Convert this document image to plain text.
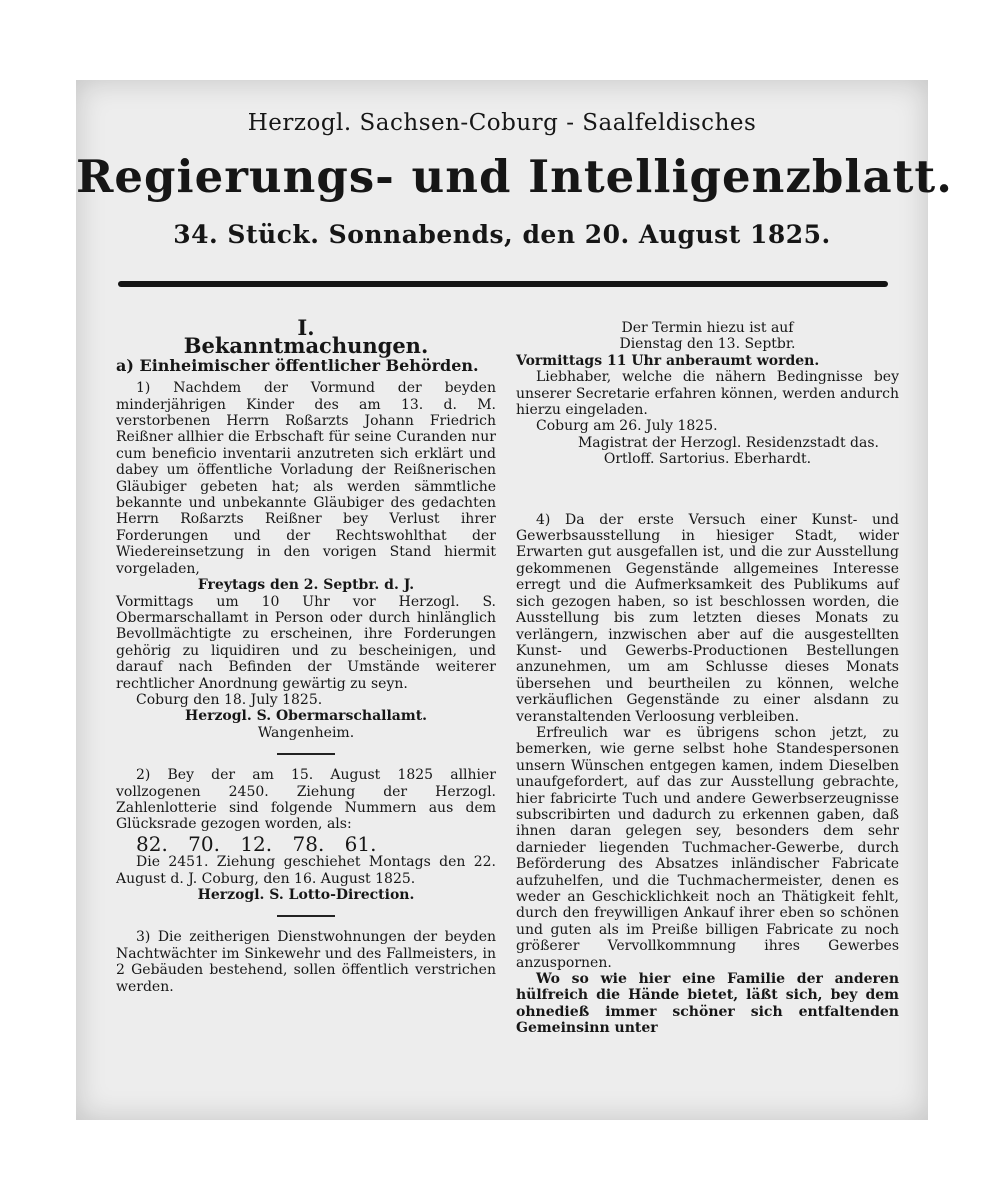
Herzogl. Sachsen-Coburg - Saalfeldisches
Regierungs- und Intelligenzblatt.
34. Stück. Sonnabends, den 20. August 1825.
I.
Bekanntmachungen.
a) Einheimischer öffentlicher Behörden.

1) Nachdem der Vormund der beyden minderjährigen Kinder des am 13. d. M. verstorbenen Herrn Roßarzts Johann Friedrich Reißner allhier die Erbschaft für seine Curanden nur cum beneficio inventarii anzutreten sich erklärt und dabey um öffentliche Vorladung der Reißnerischen Gläubiger gebeten hat; als werden sämmtliche bekannte und unbekannte Gläubiger des gedachten Herrn Roßarzts Reißner bey Verlust ihrer Forderungen und der Rechtswohlthat der Wiedereinsetzung in den vorigen Stand hiermit vorgeladen,

Freytags den 2. Septbr. d. J.

Vormittags um 10 Uhr vor Herzogl. S. Obermarschallamt in Person oder durch hinlänglich Bevollmächtigte zu erscheinen, ihre Forderungen gehörig zu liquidiren und zu bescheinigen, und darauf nach Befinden der Umstände weiterer rechtlicher Anordnung gewärtig zu seyn.

Coburg den 18. July 1825.

Herzogl. S. Obermarschallamt.

Wangenheim.

2) Bey der am 15. August 1825 allhier vollzogenen 2450. Ziehung der Herzogl. Zahlenlotterie sind folgende Nummern aus dem Glücksrade gezogen worden, als:

82. 70. 12. 78. 61.

Die 2451. Ziehung geschiehet Montags den 22. August d. J. Coburg, den 16. August 1825.

Herzogl. S. Lotto-Direction.

3) Die zeitherigen Dienstwohnungen der beyden Nachtwächter im Sinkewehr und des Fallmeisters, in 2 Gebäuden bestehend, sollen öffentlich verstrichen werden.

Der Termin hiezu ist auf

Dienstag den 13. Septbr.

Vormittags 11 Uhr anberaumt worden.

Liebhaber, welche die nähern Bedingnisse bey unserer Secretarie erfahren können, werden andurch hierzu eingeladen.

Coburg am 26. July 1825.

Magistrat der Herzogl. Residenzstadt das.

Ortloff. Sartorius. Eberhardt.

4) Da der erste Versuch einer Kunst- und Gewerbsausstellung in hiesiger Stadt, wider Erwarten gut ausgefallen ist, und die zur Ausstellung gekommenen Gegenstände allgemeines Interesse erregt und die Aufmerksamkeit des Publikums auf sich gezogen haben, so ist beschlossen worden, die Ausstellung bis zum letzten dieses Monats zu verlängern, inzwischen aber auf die ausgestellten Kunst- und Gewerbs-Productionen Bestellungen anzunehmen, um am Schlusse dieses Monats übersehen und beurtheilen zu können, welche verkäuflichen Gegenstände zu einer alsdann zu veranstaltenden Verloosung verbleiben.

Erfreulich war es übrigens schon jetzt, zu bemerken, wie gerne selbst hohe Standespersonen unsern Wünschen entgegen kamen, indem Dieselben unaufgefordert, auf das zur Ausstellung gebrachte, hier fabricirte Tuch und andere Gewerbserzeugnisse subscribirten und dadurch zu erkennen gaben, daß ihnen daran gelegen sey, besonders dem sehr darnieder liegenden Tuchmacher-Gewerbe, durch Beförderung des Absatzes inländischer Fabricate aufzuhelfen, und die Tuchmachermeister, denen es weder an Geschicklichkeit noch an Thätigkeit fehlt, durch den freywilligen Ankauf ihrer eben so schönen und guten als im Preiße billigen Fabricate zu noch größerer Vervollkommnung ihres Gewerbes anzuspornen.

Wo so wie hier eine Familie der anderen hülfreich die Hände bietet, läßt sich, bey dem ohnedieß immer schöner sich entfaltenden Gemeinsinn unter
